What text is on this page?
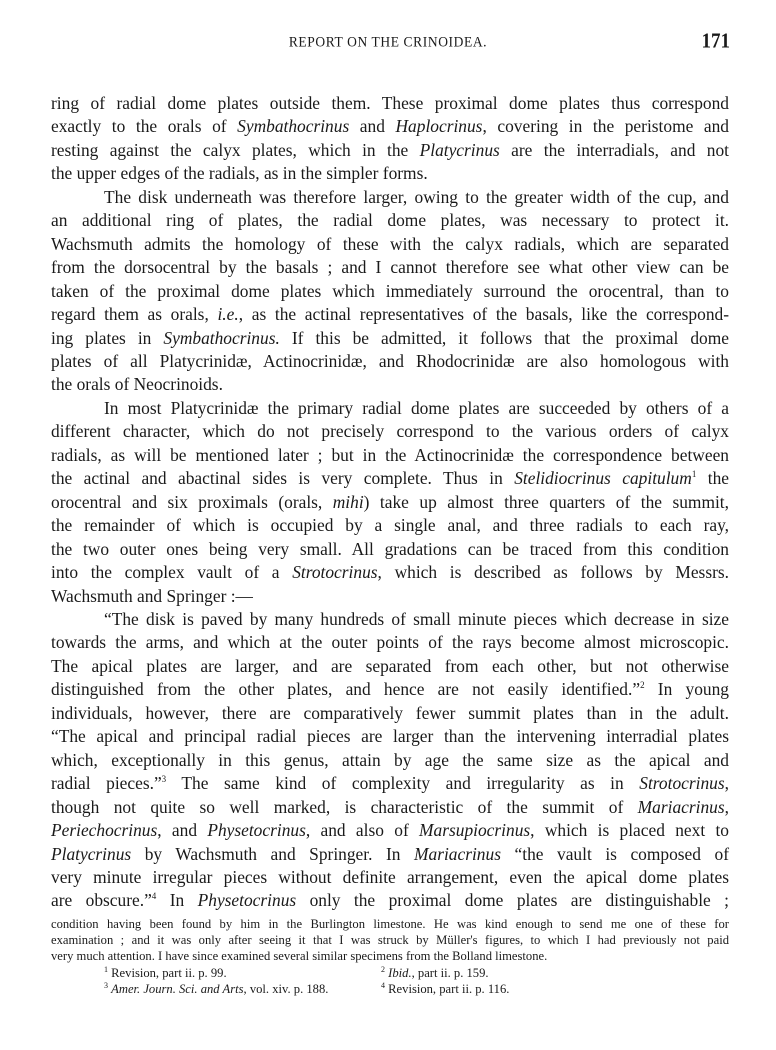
REPORT ON THE CRINOIDEA.	171
ring of radial dome plates outside them. These proximal dome plates thus correspond
exactly to the orals of Symbathocrinus and Haplocrinus, covering in the peristome and
resting against the calyx plates, which in the Platycrinus are the interradials, and not
the upper edges of the radials, as in the simpler forms.
The disk underneath was therefore larger, owing to the greater width of the cup, and
an additional ring of plates, the radial dome plates, was necessary to protect it.
Wachsmuth admits the homology of these with the calyx radials, which are separated
from the dorsocentral by the basals ; and I cannot therefore see what other view can be
taken of the proximal dome plates which immediately surround the orocentral, than to
regard them as orals, i.e., as the actinal representatives of the basals, like the correspond-
ing plates in Symbathocrinus. If this be admitted, it follows that the proximal dome
plates of all Platycrinidæ, Actinocrinidæ, and Rhodocrinidæ are also homologous with
the orals of Neocrinoids.
In most Platycrinidæ the primary radial dome plates are succeeded by others of a
different character, which do not precisely correspond to the various orders of calyx
radials, as will be mentioned later ; but in the Actinocrinidæ the correspondence between
the actinal and abactinal sides is very complete. Thus in Stelidiocrinus capitulum$^1$ the
orocentral and six proximals (orals, mihi) take up almost three quarters of the summit,
the remainder of which is occupied by a single anal, and three radials to each ray,
the two outer ones being very small. All gradations can be traced from this condition
into the complex vault of a Strotocrinus, which is described as follows by Messrs.
Wachsmuth and Springer :—
“The disk is paved by many hundreds of small minute pieces which decrease in size
towards the arms, and which at the outer points of the rays become almost microscopic.
The apical plates are larger, and are separated from each other, but not otherwise
distinguished from the other plates, and hence are not easily identified.”$^2$ In young
individuals, however, there are comparatively fewer summit plates than in the adult.
“The apical and principal radial pieces are larger than the intervening interradial plates
which, exceptionally in this genus, attain by age the same size as the apical and
radial pieces.”$^3$ The same kind of complexity and irregularity as in Strotocrinus,
though not quite so well marked, is characteristic of the summit of Mariacrinus,
Periechocrinus, and Physetocrinus, and also of Marsupiocrinus, which is placed next to
Platycrinus by Wachsmuth and Springer. In Mariacrinus “the vault is composed of
very minute irregular pieces without definite arrangement, even the apical dome plates
are obscure.”$^4$ In Physetocrinus only the proximal dome plates are distinguishable ;
condition having been found by him in the Burlington limestone. He was kind enough to send me one of these for
examination ; and it was only after seeing it that I was struck by Müller's figures, to which I had previously not paid
very much attention. I have since examined several similar specimens from the Bolland limestone.
$^1$ Revision, part ii. p. 99.	$^2$ Ibid., part ii. p. 159.
$^3$ Amer. Journ. Sci. and Arts, vol. xiv. p. 188.	$^4$ Revision, part ii. p. 116.
